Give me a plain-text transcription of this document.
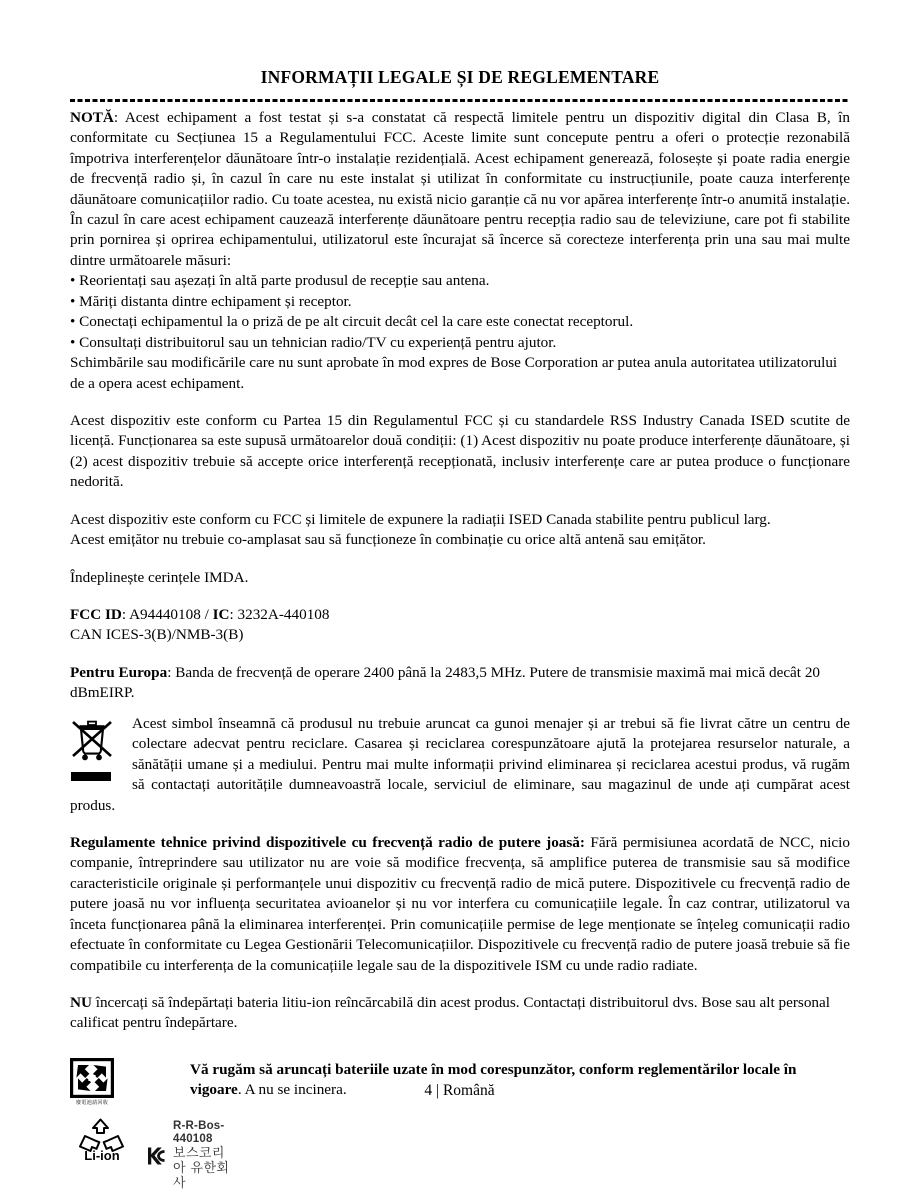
INFORMAȚII LEGALE ȘI DE REGLEMENTARE

NOTĂ: Acest echipament a fost testat și s-a constatat că respectă limitele pentru un dispozitiv digital din Clasa B, în conformitate cu Secțiunea 15 a Regulamentului FCC. Aceste limite sunt concepute pentru a oferi o protecție rezonabilă împotriva interferențelor dăunătoare într-o instalație rezidențială. Acest echipament generează, folosește și poate radia energie de frecvență radio și, în cazul în care nu este instalat și utilizat în conformitate cu instrucțiunile, poate cauza interferențe dăunătoare comunicațiilor radio. Cu toate acestea, nu există nicio garanție că nu vor apărea interferențe într-o anumită instalație. În cazul în care acest echipament cauzează interferențe dăunătoare pentru recepția radio sau de televiziune, care pot fi stabilite prin pornirea și oprirea echipamentului, utilizatorul este încurajat să încerce să corecteze interferența prin una sau mai multe dintre următoarele măsuri:

• Reorientați sau așezați în altă parte produsul de recepție sau antena.
• Măriți distanta dintre echipament și receptor.
• Conectați echipamentul la o priză de pe alt circuit decât cel la care este conectat receptorul.
• Consultați distribuitorul sau un tehnician radio/TV cu experiență pentru ajutor.

Schimbările sau modificările care nu sunt aprobate în mod expres de Bose Corporation ar putea anula autoritatea utilizatorului de a opera acest echipament.

Acest dispozitiv este conform cu Partea 15 din Regulamentul FCC și cu standardele RSS Industry Canada ISED scutite de licență. Funcționarea sa este supusă următoarelor două condiții: (1) Acest dispozitiv nu poate produce interferențe dăunătoare, și (2) acest dispozitiv trebuie să accepte orice interferență recepționată, inclusiv interferențe care ar putea produce o funcționare nedorită.

Acest dispozitiv este conform cu FCC și limitele de expunere la radiații ISED Canada stabilite pentru publicul larg.

Acest emițător nu trebuie co-amplasat sau să funcționeze în combinație cu orice altă antenă sau emițător.

Îndeplinește cerințele IMDA.

FCC ID: A94440108 / IC: 3232A-440108

CAN ICES-3(B)/NMB-3(B)

Pentru Europa: Banda de frecvență de operare 2400 până la 2483,5 MHz. Putere de transmisie maximă mai mică decât 20 dBmEIRP.

Acest simbol înseamnă că produsul nu trebuie aruncat ca gunoi menajer și ar trebui să fie livrat către un centru de colectare adecvat pentru reciclare. Casarea și reciclarea corespunzătoare ajută la protejarea resurselor naturale, a sănătății umane și a mediului. Pentru mai multe informații privind eliminarea și reciclarea acestui produs, vă rugăm să contactați autoritățile dumneavoastră locale, serviciul de eliminare, sau magazinul de unde ați cumpărat acest produs.

Regulamente tehnice privind dispozitivele cu frecvență radio de putere joasă: Fără permisiunea acordată de NCC, nicio companie, întreprindere sau utilizator nu are voie să modifice frecvența, să amplifice puterea de transmisie sau să modifice caracteristicile originale și performanțele unui dispozitiv cu frecvență radio de mică putere. Dispozitivele cu frecvență radio de putere joasă nu vor influența securitatea avioanelor și nu vor interfera cu comunicațiile legale. În caz contrar, utilizatorul va înceta funcționarea până la eliminarea interferenței. Prin comunicațiile permise de lege menționate se înțeleg comunicații radio efectuate în conformitate cu Legea Gestionării Telecomunicațiilor. Dispozitivele cu frecvență radio de putere joasă trebuie să fie compatibile cu interferența de la comunicațiile legale sau de la dispozitivele ISM cu unde radio radiate.

NU încercați să îndepărtați bateria litiu-ion reîncărcabilă din acest produs. Contactați distribuitorul dvs. Bose sau alt personal calificat pentru îndepărtare.

廢電池請回收
Li-ion
R-R-Bos-440108
보스코리아 유한회사
Vă rugăm să aruncați bateriile uzate în mod corespunzător, conform reglementărilor locale în vigoare. A nu se incinera.	4 | Română
